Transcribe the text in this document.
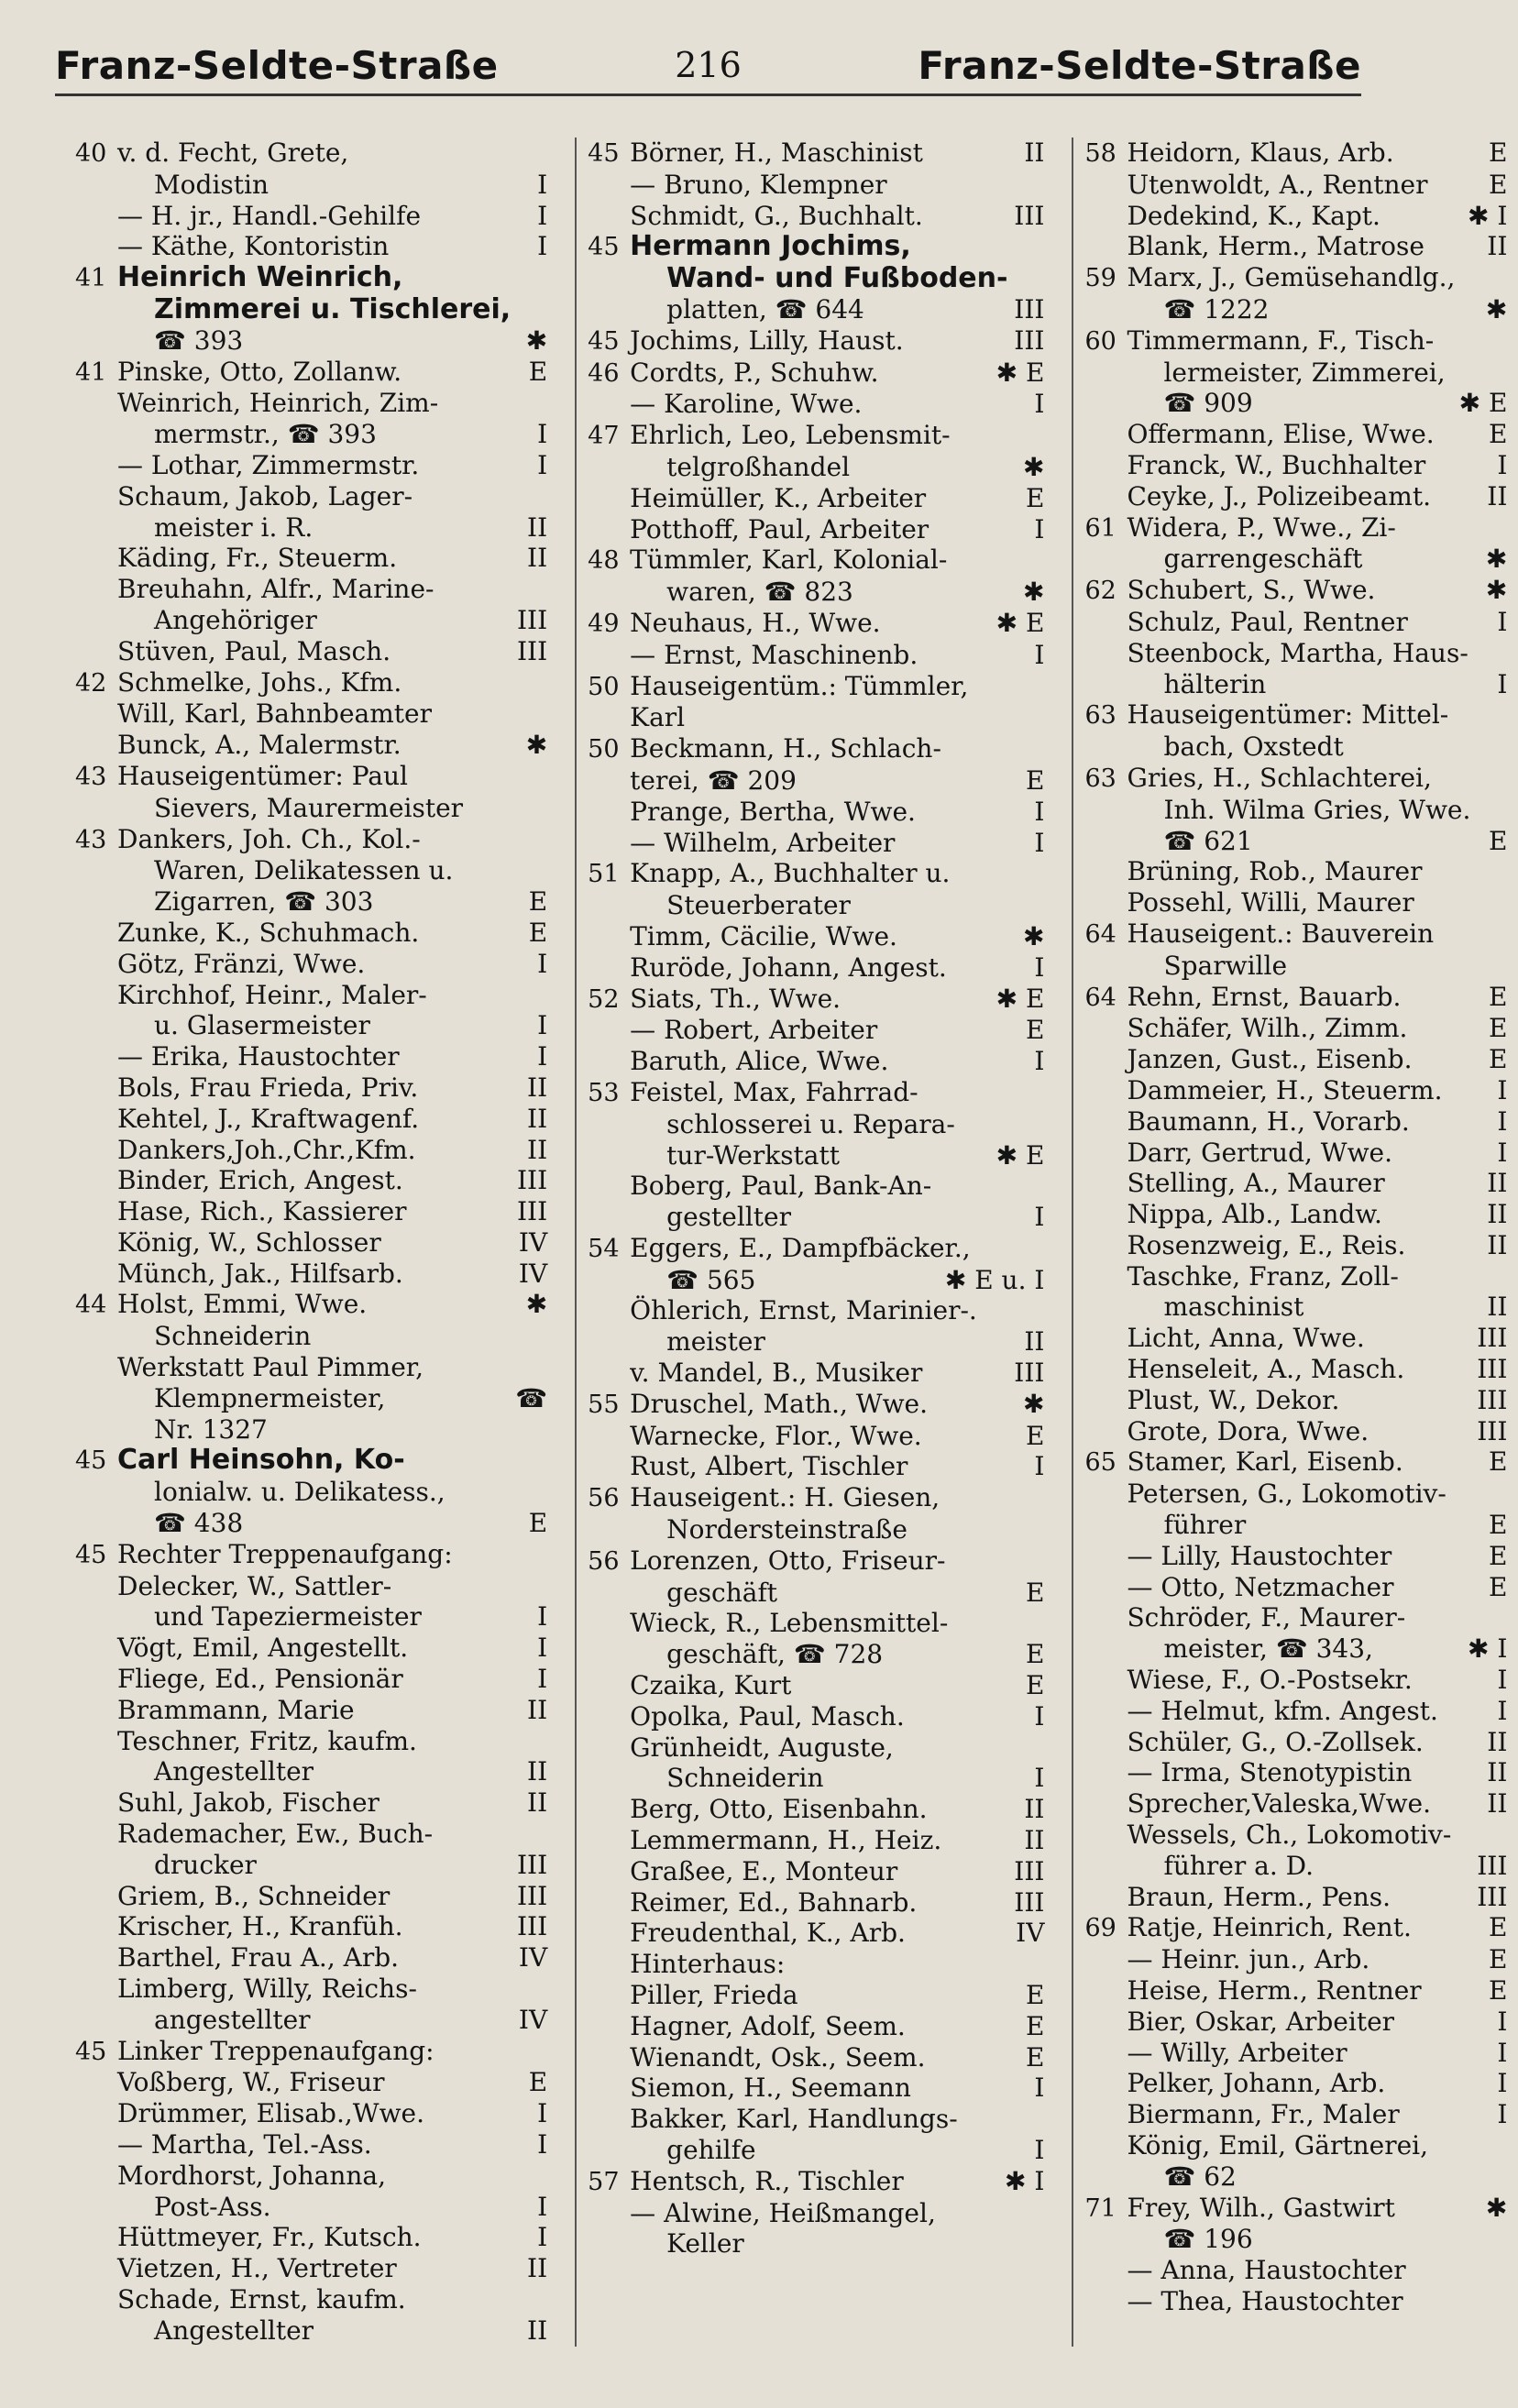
Franz-Seldte-Straße	216	Franz-Seldte-Straße
40 v. d. Fecht, Grete,
Modistin	I
— H. jr., Handl.-Gehilfe	I
— Käthe, Kontoristin	I
41 Heinrich Weinrich,
Zimmerei u. Tischlerei,
☎ 393	✱
41 Pinske, Otto, Zollanw.	E
Weinrich, Heinrich, Zim-
mermstr., ☎ 393	I
— Lothar, Zimmermstr.	I
Schaum, Jakob, Lager-
meister i. R.	II
Käding, Fr., Steuerm.	II
Breuhahn, Alfr., Marine-
Angehöriger	III
Stüven, Paul, Masch.	III
42 Schmelke, Johs., Kfm.
Will, Karl, Bahnbeamter
Bunck, A., Malermstr.	✱
43 Hauseigentümer: Paul
Sievers, Maurermeister
43 Dankers, Joh. Ch., Kol.-
Waren, Delikatessen u.
Zigarren, ☎ 303	E
Zunke, K., Schuhmach.	E
Götz, Fränzi, Wwe.	I
Kirchhof, Heinr., Maler-
u. Glasermeister	I
— Erika, Haustochter	I
Bols, Frau Frieda, Priv.	II
Kehtel, J., Kraftwagenf.	II
Dankers,Joh.,Chr.,Kfm.	II
Binder, Erich, Angest.	III
Hase, Rich., Kassierer	III
König, W., Schlosser	IV
Münch, Jak., Hilfsarb.	IV
44 Holst, Emmi, Wwe.	✱
Schneiderin
Werkstatt Paul Pimmer,
Klempnermeister,	☎
Nr. 1327
45 Carl Heinsohn, Ko-
lonialw. u. Delikatess.,
☎ 438	E
45 Rechter Treppenaufgang:
Delecker, W., Sattler-
und Tapeziermeister	I
Vögt, Emil, Angestellt.	I
Fliege, Ed., Pensionär	I
Brammann, Marie	II
Teschner, Fritz, kaufm.
Angestellter	II
Suhl, Jakob, Fischer	II
Rademacher, Ew., Buch-
drucker	III
Griem, B., Schneider	III
Krischer, H., Kranfüh.	III
Barthel, Frau A., Arb.	IV
Limberg, Willy, Reichs-
angestellter	IV
45 Linker Treppenaufgang:
Voßberg, W., Friseur	E
Drümmer, Elisab.,Wwe.	I
— Martha, Tel.-Ass.	I
Mordhorst, Johanna,
Post-Ass.	I
Hüttmeyer, Fr., Kutsch.	I
Vietzen, H., Vertreter	II
Schade, Ernst, kaufm.
Angestellter	II
45 Börner, H., Maschinist	II
— Bruno, Klempner
Schmidt, G., Buchhalt.	III
45 Hermann Jochims,
Wand- und Fußboden-
platten, ☎ 644	III
45 Jochims, Lilly, Haust.	III
46 Cordts, P., Schuhw.	✱ E
— Karoline, Wwe.	I
47 Ehrlich, Leo, Lebensmit-
telgroßhandel	✱
Heimüller, K., Arbeiter	E
Potthoff, Paul, Arbeiter	I
48 Tümmler, Karl, Kolonial-
waren, ☎ 823	✱
49 Neuhaus, H., Wwe.	✱ E
— Ernst, Maschinenb.	I
50 Hauseigentüm.: Tümmler,
Karl
50 Beckmann, H., Schlach-
terei, ☎ 209	E
Prange, Bertha, Wwe.	I
— Wilhelm, Arbeiter	I
51 Knapp, A., Buchhalter u.
Steuerberater
Timm, Cäcilie, Wwe.	✱
Ruröde, Johann, Angest.	I
52 Siats, Th., Wwe.	✱ E
— Robert, Arbeiter	E
Baruth, Alice, Wwe.	I
53 Feistel, Max, Fahrrad-
schlosserei u. Repara-
tur-Werkstatt	✱ E
Boberg, Paul, Bank-An-
gestellter	I
54 Eggers, E., Dampfbäcker.,
☎ 565	✱ E u. I
Öhlerich, Ernst, Marinier-.
meister	II
v. Mandel, B., Musiker	III
55 Druschel, Math., Wwe.	✱
Warnecke, Flor., Wwe.	E
Rust, Albert, Tischler	I
56 Hauseigent.: H. Giesen,
Nordersteinstraße
56 Lorenzen, Otto, Friseur-
geschäft	E
Wieck, R., Lebensmittel-
geschäft, ☎ 728	E
Czaika, Kurt	E
Opolka, Paul, Masch.	I
Grünheidt, Auguste,
Schneiderin	I
Berg, Otto, Eisenbahn.	II
Lemmermann, H., Heiz.	II
Graßee, E., Monteur	III
Reimer, Ed., Bahnarb.	III
Freudenthal, K., Arb.	IV
Hinterhaus:
Piller, Frieda	E
Hagner, Adolf, Seem.	E
Wienandt, Osk., Seem.	E
Siemon, H., Seemann	I
Bakker, Karl, Handlungs-
gehilfe	I
57 Hentsch, R., Tischler	✱ I
— Alwine, Heißmangel,
Keller
58 Heidorn, Klaus, Arb.	E
Utenwoldt, A., Rentner	E
Dedekind, K., Kapt.	✱ I
Blank, Herm., Matrose	II
59 Marx, J., Gemüsehandlg.,
☎ 1222	✱
60 Timmermann, F., Tisch-
lermeister, Zimmerei,
☎ 909	✱ E
Offermann, Elise, Wwe.	E
Franck, W., Buchhalter	I
Ceyke, J., Polizeibeamt.	II
61 Widera, P., Wwe., Zi-
garrengeschäft	✱
62 Schubert, S., Wwe.	✱
Schulz, Paul, Rentner	I
Steenbock, Martha, Haus-
hälterin	I
63 Hauseigentümer: Mittel-
bach, Oxstedt
63 Gries, H., Schlachterei,
Inh. Wilma Gries, Wwe.
☎ 621	E
Brüning, Rob., Maurer
Possehl, Willi, Maurer
64 Hauseigent.: Bauverein
Sparwille
64 Rehn, Ernst, Bauarb.	E
Schäfer, Wilh., Zimm.	E
Janzen, Gust., Eisenb.	E
Dammeier, H., Steuerm.	I
Baumann, H., Vorarb.	I
Darr, Gertrud, Wwe.	I
Stelling, A., Maurer	II
Nippa, Alb., Landw.	II
Rosenzweig, E., Reis.	II
Taschke, Franz, Zoll-
maschinist	II
Licht, Anna, Wwe.	III
Henseleit, A., Masch.	III
Plust, W., Dekor.	III
Grote, Dora, Wwe.	III
65 Stamer, Karl, Eisenb.	E
Petersen, G., Lokomotiv-
führer	E
— Lilly, Haustochter	E
— Otto, Netzmacher	E
Schröder, F., Maurer-
meister, ☎ 343,	✱ I
Wiese, F., O.-Postsekr.	I
— Helmut, kfm. Angest.	I
Schüler, G., O.-Zollsek.	II
— Irma, Stenotypistin	II
Sprecher,Valeska,Wwe.	II
Wessels, Ch., Lokomotiv-
führer a. D.	III
Braun, Herm., Pens.	III
69 Ratje, Heinrich, Rent.	E
— Heinr. jun., Arb.	E
Heise, Herm., Rentner	E
Bier, Oskar, Arbeiter	I
— Willy, Arbeiter	I
Pelker, Johann, Arb.	I
Biermann, Fr., Maler	I
König, Emil, Gärtnerei,
☎ 62
71 Frey, Wilh., Gastwirt	✱
☎ 196
— Anna, Haustochter
— Thea, Haustochter
